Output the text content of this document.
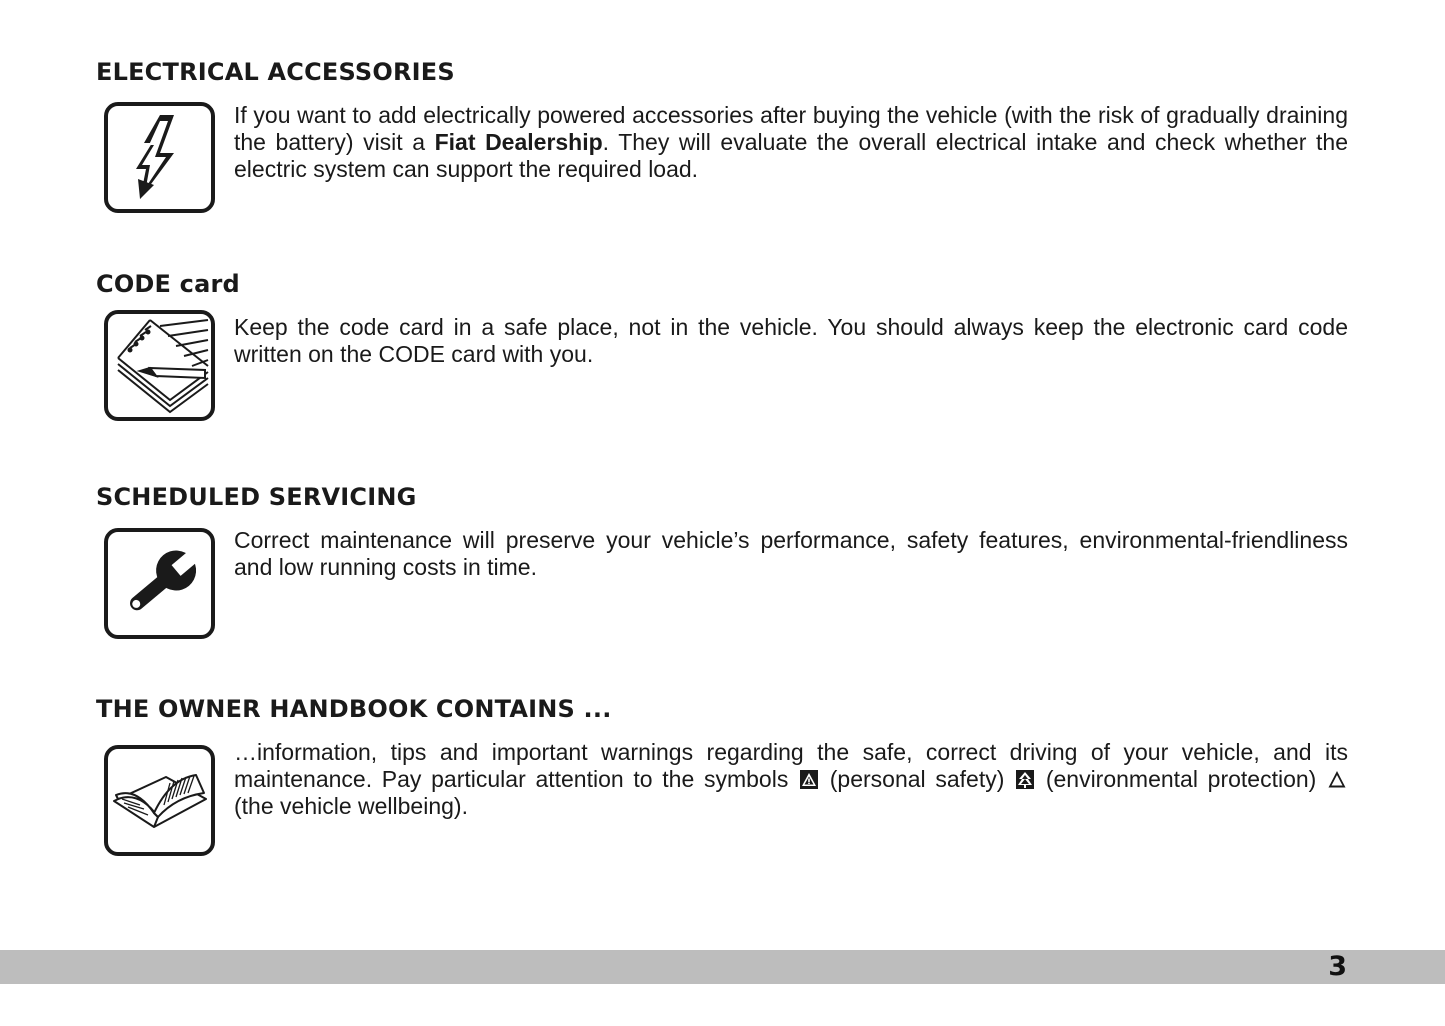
ELECTRICAL ACCESSORIES

If you want to add electrically powered accessories after buying the vehicle (with the risk of gradually draining the battery) visit a Fiat Dealership. They will evaluate the overall electrical intake and check whether the electric system can support the required load.

CODE card

Keep the code card in a safe place, not in the vehicle. You should always keep the electronic card code written on the CODE card with you.

SCHEDULED SERVICING

Correct maintenance will preserve your vehicle’s performance, safety features, environmental-friendliness and low running costs in time.

THE OWNER HANDBOOK CONTAINS ...

…information, tips and important warnings regarding the safe, correct driving of your vehicle, and its maintenance. Pay particular attention to the symbols (personal safety) (environmental protection)  (the vehicle wellbeing).

3
